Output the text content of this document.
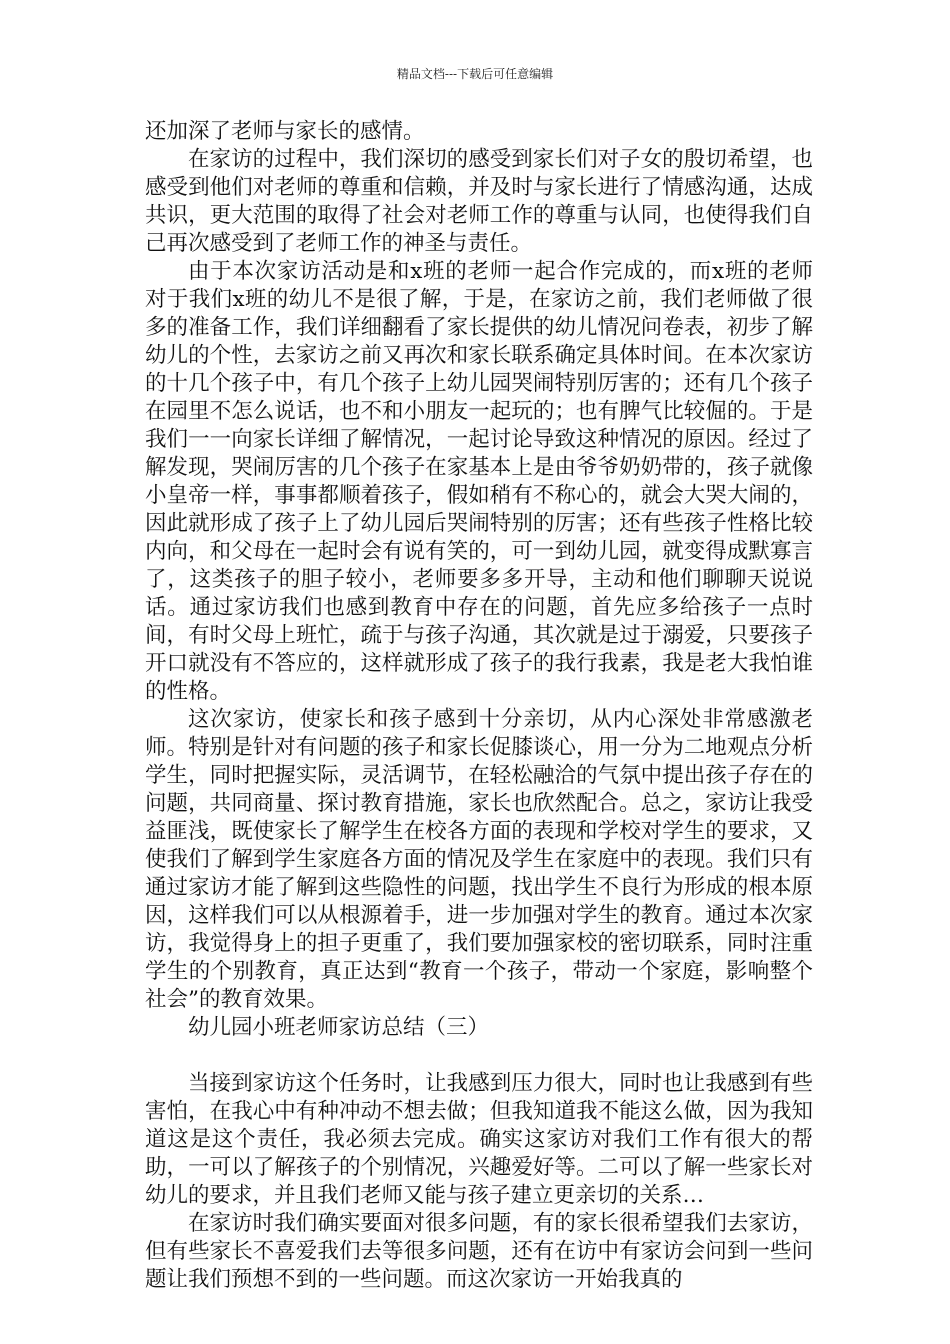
精品文档---下载后可任意编辑

还加深了老师与家长的感情。

在家访的过程中，我们深切的感受到家长们对子女的殷切希望，也感受到他们对老师的尊重和信赖，并及时与家长进行了情感沟通，达成共识，更大范围的取得了社会对老师工作的尊重与认同，也使得我们自己再次感受到了老师工作的神圣与责任。

由于本次家访活动是和x班的老师一起合作完成的，而x班的老师对于我们x班的幼儿不是很了解，于是，在家访之前，我们老师做了很多的准备工作，我们详细翻看了家长提供的幼儿情况问卷表，初步了解幼儿的个性，去家访之前又再次和家长联系确定具体时间。在本次家访的十几个孩子中，有几个孩子上幼儿园哭闹特别厉害的；还有几个孩子在园里不怎么说话，也不和小朋友一起玩的；也有脾气比较倔的。于是我们一一向家长详细了解情况，一起讨论导致这种情况的原因。经过了解发现，哭闹厉害的几个孩子在家基本上是由爷爷奶奶带的，孩子就像小皇帝一样，事事都顺着孩子，假如稍有不称心的，就会大哭大闹的，因此就形成了孩子上了幼儿园后哭闹特别的厉害；还有些孩子性格比较内向，和父母在一起时会有说有笑的，可一到幼儿园，就变得成默寡言了，这类孩子的胆子较小，老师要多多开导，主动和他们聊聊天说说话。通过家访我们也感到教育中存在的问题，首先应多给孩子一点时间，有时父母上班忙，疏于与孩子沟通，其次就是过于溺爱，只要孩子开口就没有不答应的，这样就形成了孩子的我行我素，我是老大我怕谁的性格。

这次家访，使家长和孩子感到十分亲切，从内心深处非常感激老师。特别是针对有问题的孩子和家长促膝谈心，用一分为二地观点分析学生，同时把握实际，灵活调节，在轻松融洽的气氛中提出孩子存在的问题，共同商量、探讨教育措施，家长也欣然配合。总之，家访让我受益匪浅，既使家长了解学生在校各方面的表现和学校对学生的要求，又使我们了解到学生家庭各方面的情况及学生在家庭中的表现。我们只有通过家访才能了解到这些隐性的问题，找出学生不良行为形成的根本原因，这样我们可以从根源着手，进一步加强对学生的教育。通过本次家访，我觉得身上的担子更重了，我们要加强家校的密切联系，同时注重学生的个别教育，真正达到“教育一个孩子，带动一个家庭，影响整个社会”的教育效果。

幼儿园小班老师家访总结（三）

当接到家访这个任务时，让我感到压力很大，同时也让我感到有些害怕，在我心中有种冲动不想去做；但我知道我不能这么做，因为我知道这是这个责任，我必须去完成。确实这家访对我们工作有很大的帮助，一可以了解孩子的个别情况，兴趣爱好等。二可以了解一些家长对幼儿的要求，并且我们老师又能与孩子建立更亲切的关系…

在家访时我们确实要面对很多问题，有的家长很希望我们去家访，但有些家长不喜爱我们去等很多问题，还有在访中有家访会问到一些问题让我们预想不到的一些问题。而这次家访一开始我真的
